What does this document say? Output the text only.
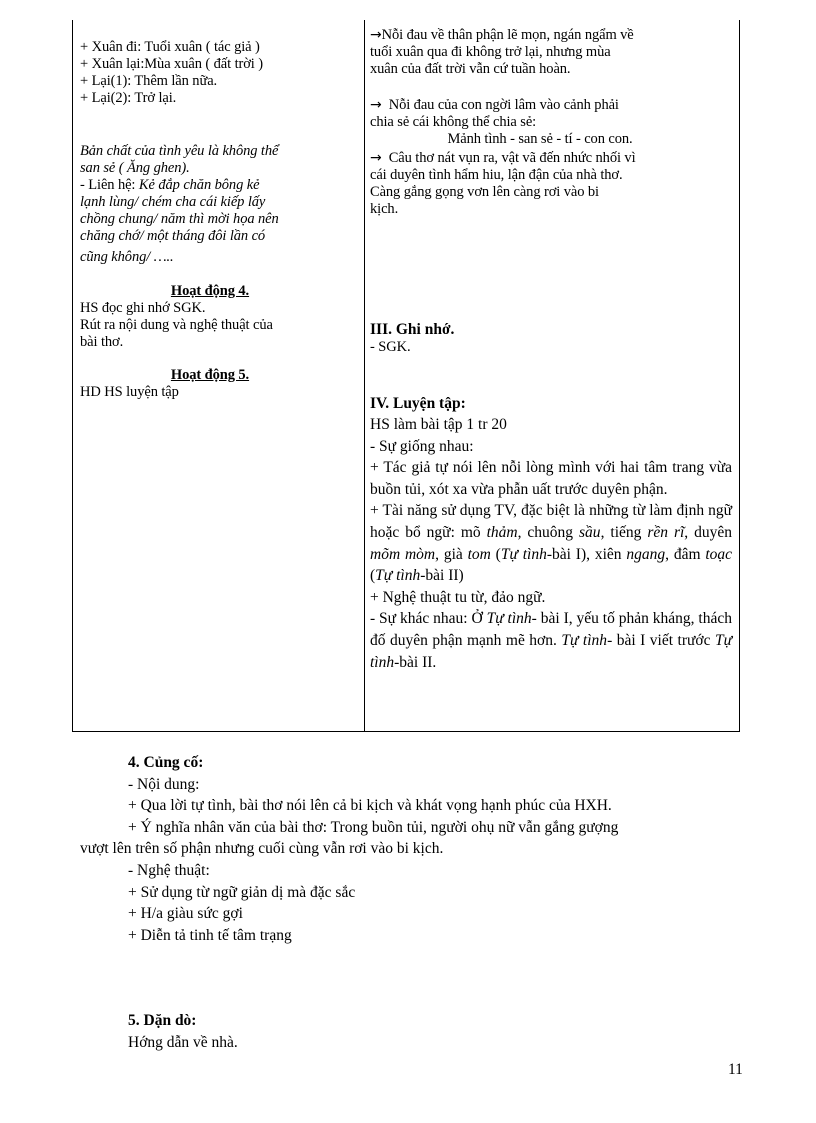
+ Xuân đi: Tuổi xuân ( tác giả )
+ Xuân lại:Mùa xuân ( đất trời )
+ Lại(1): Thêm lần nữa.
+ Lại(2): Trở lại.
Bản chất của tình yêu là không thể
san sẻ ( Ăng ghen).
- Liên hệ: Kẻ đắp chăn bông kẻ
lạnh lùng/ chém cha cái kiếp lấy
chồng chung/ năm thì mời họa nên
chăng chớ/ một tháng đôi lần có
cũng không/ …..
Hoạt động 4.
HS đọc ghi nhớ SGK.
Rút ra nội dung và nghệ thuật của
bài thơ.
Hoạt động 5.
HD HS luyện tập
→Nỗi đau về thân phận lẽ mọn, ngán ngẩm về
tuổi xuân qua đi không trở lại, nhưng mùa
xuân của đất trời vẫn cứ tuần hoàn.
→ Nỗi đau của con ngời lâm vào cảnh phải
chia sẻ cái không thể chia sẻ:
Mảnh tình - san sẻ - tí - con con.
→ Câu thơ nát vụn ra, vật vã đến nhức nhối vì
cái duyên tình hẩm hiu, lận đận của nhà thơ.
Càng gắng gọng vơn lên càng rơi vào bi
kịch.
III. Ghi nhớ.
- SGK.
IV. Luyện tập:
HS làm bài tập 1 tr 20
- Sự giống nhau:
+ Tác giả tự nói lên nỗi lòng mình với hai tâm trang vừa buồn tủi, xót xa vừa phẫn uất trước duyên phận.
+ Tài năng sử dụng TV, đặc biệt là những từ làm định ngữ hoặc bổ ngữ: mõ thảm, chuông sầu, tiếng rền rĩ, duyên mõm mòm, già tom (Tự tình-bài I), xiên ngang, đâm toạc (Tự tình-bài II)
+ Nghệ thuật tu từ, đảo ngữ.
- Sự khác nhau: Ở Tự tình- bài I, yếu tố phản kháng, thách đố duyên phận mạnh mẽ hơn. Tự tình- bài I viết trước Tự tình-bài II.
4. Củng cố:
- Nội dung:
+ Qua lời tự tình, bài thơ nói lên cả bi kịch và khát vọng hạnh phúc của HXH.
+ Ý nghĩa nhân văn của bài thơ: Trong buồn tủi, người ohụ nữ vẫn gắng gượng
vượt lên trên số phận nhưng cuối cùng vẫn rơi vào bi kịch.
- Nghệ thuật:
+ Sử dụng từ ngữ giản dị mà đặc sắc
+ H/a giàu sức gợi
+ Diễn tả tinh tế tâm trạng
5. Dặn dò:
Hớng dẫn về nhà.
11
